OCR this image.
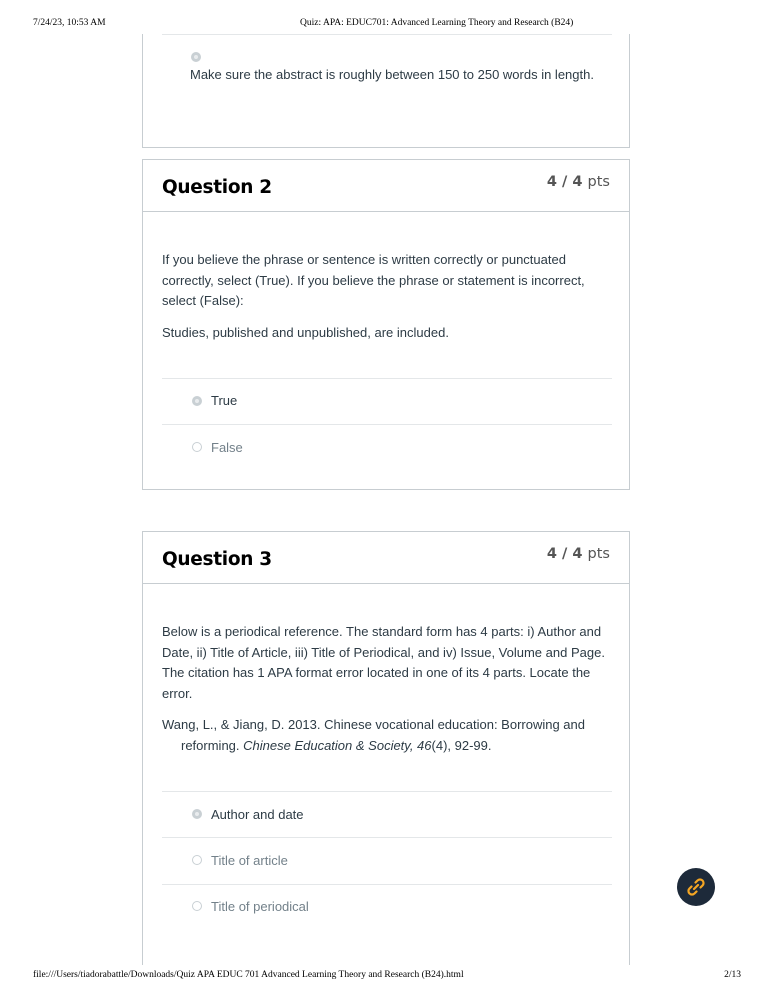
7/24/23, 10:53 AM	Quiz: APA: EDUC701: Advanced Learning Theory and Research (B24)

Make sure the abstract is roughly between 150 to 250 words in length.

Question 2	4 / 4 pts

If you believe the phrase or sentence is written correctly or punctuated correctly, select (True). If you believe the phrase or statement is incorrect, select (False):

Studies, published and unpublished, are included.

True
False
Question 3	4 / 4 pts

Below is a periodical reference. The standard form has 4 parts: i) Author and Date, ii) Title of Article, iii) Title of Periodical, and iv) Issue, Volume and Page. The citation has 1 APA format error located in one of its 4 parts. Locate the error.

Wang, L., & Jiang, D. 2013. Chinese vocational education: Borrowing and
reforming. Chinese Education & Society, 46(4), 92-99.
Author and date
Title of article
Title of periodical
file:///Users/tiadorabattle/Downloads/Quiz APA EDUC 701 Advanced Learning Theory and Research (B24).html	2/13
